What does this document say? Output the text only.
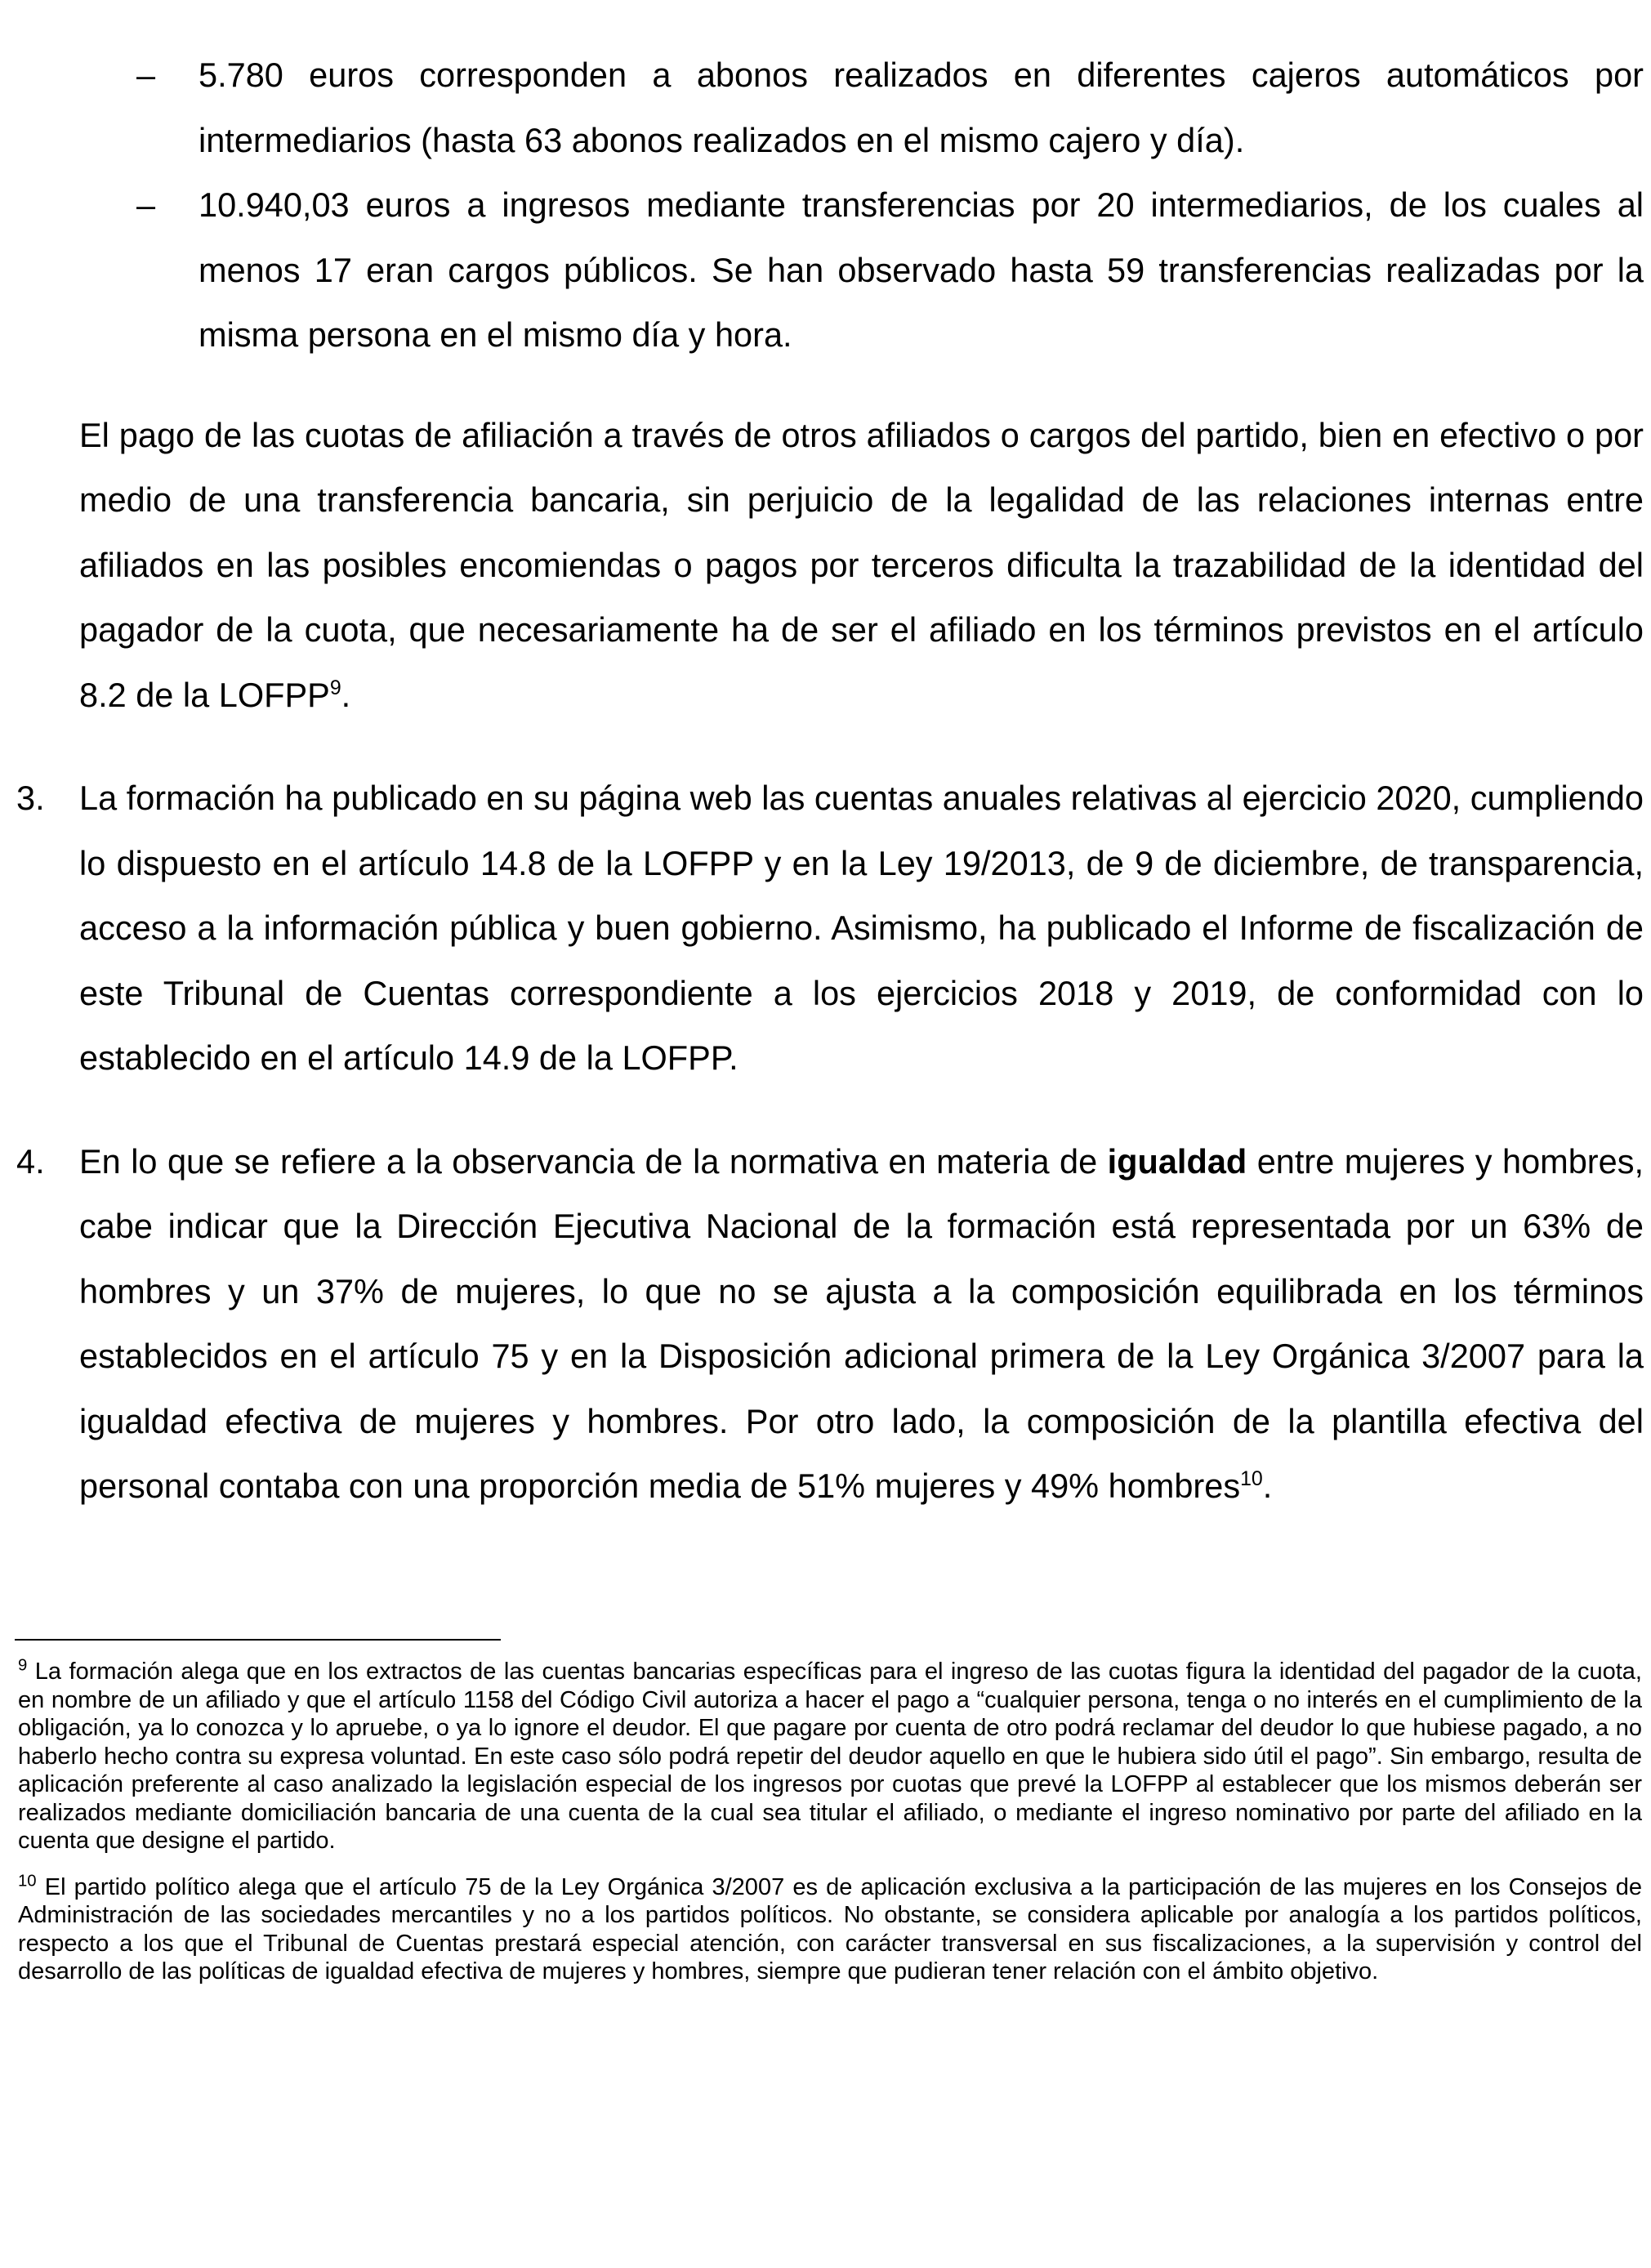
– 5.780 euros corresponden a abonos realizados en diferentes cajeros automáticos por intermediarios (hasta 63 abonos realizados en el mismo cajero y día).
– 10.940,03 euros a ingresos mediante transferencias por 20 intermediarios, de los cuales al menos 17 eran cargos públicos. Se han observado hasta 59 transferencias realizadas por la misma persona en el mismo día y hora.

El pago de las cuotas de afiliación a través de otros afiliados o cargos del partido, bien en efectivo o por medio de una transferencia bancaria, sin perjuicio de la legalidad de las relaciones internas entre afiliados en las posibles encomiendas o pagos por terceros dificulta la trazabilidad de la identidad del pagador de la cuota, que necesariamente ha de ser el afiliado en los términos previstos en el artículo 8.2 de la LOFPP$^9$.

3. La formación ha publicado en su página web las cuentas anuales relativas al ejercicio 2020, cumpliendo lo dispuesto en el artículo 14.8 de la LOFPP y en la Ley 19/2013, de 9 de diciembre, de transparencia, acceso a la información pública y buen gobierno. Asimismo, ha publicado el Informe de fiscalización de este Tribunal de Cuentas correspondiente a los ejercicios 2018 y 2019, de conformidad con lo establecido en el artículo 14.9 de la LOFPP.
4. En lo que se refiere a la observancia de la normativa en materia de igualdad entre mujeres y hombres, cabe indicar que la Dirección Ejecutiva Nacional de la formación está representada por un 63% de hombres y un 37% de mujeres, lo que no se ajusta a la composición equilibrada en los términos establecidos en el artículo 75 y en la Disposición adicional primera de la Ley Orgánica 3/2007 para la igualdad efectiva de mujeres y hombres. Por otro lado, la composición de la plantilla efectiva del personal contaba con una proporción media de 51% mujeres y 49% hombres$^{10}$.

$^9$ La formación alega que en los extractos de las cuentas bancarias específicas para el ingreso de las cuotas figura la identidad del pagador de la cuota, en nombre de un afiliado y que el artículo 1158 del Código Civil autoriza a hacer el pago a “cualquier persona, tenga o no interés en el cumplimiento de la obligación, ya lo conozca y lo apruebe, o ya lo ignore el deudor. El que pagare por cuenta de otro podrá reclamar del deudor lo que hubiese pagado, a no haberlo hecho contra su expresa voluntad. En este caso sólo podrá repetir del deudor aquello en que le hubiera sido útil el pago”. Sin embargo, resulta de aplicación preferente al caso analizado la legislación especial de los ingresos por cuotas que prevé la LOFPP al establecer que los mismos deberán ser realizados mediante domiciliación bancaria de una cuenta de la cual sea titular el afiliado, o mediante el ingreso nominativo por parte del afiliado en la cuenta que designe el partido.

$^{10}$ El partido político alega que el artículo 75 de la Ley Orgánica 3/2007 es de aplicación exclusiva a la participación de las mujeres en los Consejos de Administración de las sociedades mercantiles y no a los partidos políticos. No obstante, se considera aplicable por analogía a los partidos políticos, respecto a los que el Tribunal de Cuentas prestará especial atención, con carácter transversal en sus fiscalizaciones, a la supervisión y control del desarrollo de las políticas de igualdad efectiva de mujeres y hombres, siempre que pudieran tener relación con el ámbito objetivo.
